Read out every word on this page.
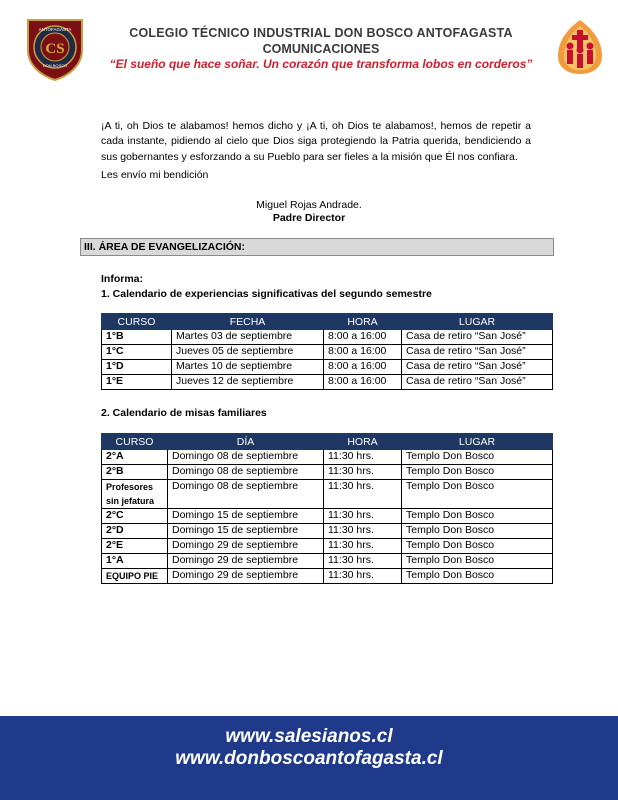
ANTOFAGASTA
CS
DON BOSCO
COLEGIO TÉCNICO INDUSTRIAL DON BOSCO ANTOFAGASTA
COMUNICACIONES
“El sueño que hace soñar. Un corazón que transforma lobos en corderos”
¡A ti, oh Dios te alabamos! hemos dicho y ¡A ti, oh Dios te alabamos!, hemos de repetir a cada instante, pidiendo al cielo que Dios siga protegiendo la Patria querida, bendiciendo a sus gobernantes y esforzando a su Pueblo para ser fieles a la misión que Él nos confiara.
Les envío mi bendición
Miguel Rojas Andrade.
Padre Director
III. ÁREA DE EVANGELIZACIÓN:
Informa:
1. Calendario de experiencias significativas del segundo semestre
CURSO	FECHA	HORA	LUGAR
1°B	Martes 03 de septiembre	8:00 a 16:00	Casa de retiro “San José”
1°C	Jueves 05 de septiembre	8:00 a 16:00	Casa de retiro “San José”
1°D	Martes 10 de septiembre	8:00 a 16:00	Casa de retiro “San José”
1°E	Jueves 12 de septiembre	8:00 a 16:00	Casa de retiro “San José”
2. Calendario de misas familiares
CURSO	DÍA	HORA	LUGAR
2°A	Domingo 08 de septiembre	11:30 hrs.	Templo Don Bosco
2°B	Domingo 08 de septiembre	11:30 hrs.	Templo Don Bosco
Profesores sin jefatura	Domingo 08 de septiembre	11:30 hrs.	Templo Don Bosco
2°C	Domingo 15 de septiembre	11:30 hrs.	Templo Don Bosco
2°D	Domingo 15 de septiembre	11:30 hrs.	Templo Don Bosco
2°E	Domingo 29 de septiembre	11:30 hrs.	Templo Don Bosco
1°A	Domingo 29 de septiembre	11:30 hrs.	Templo Don Bosco
EQUIPO PIE	Domingo 29 de septiembre	11:30 hrs.	Templo Don Bosco
www.salesianos.cl
www.donboscoantofagasta.cl
